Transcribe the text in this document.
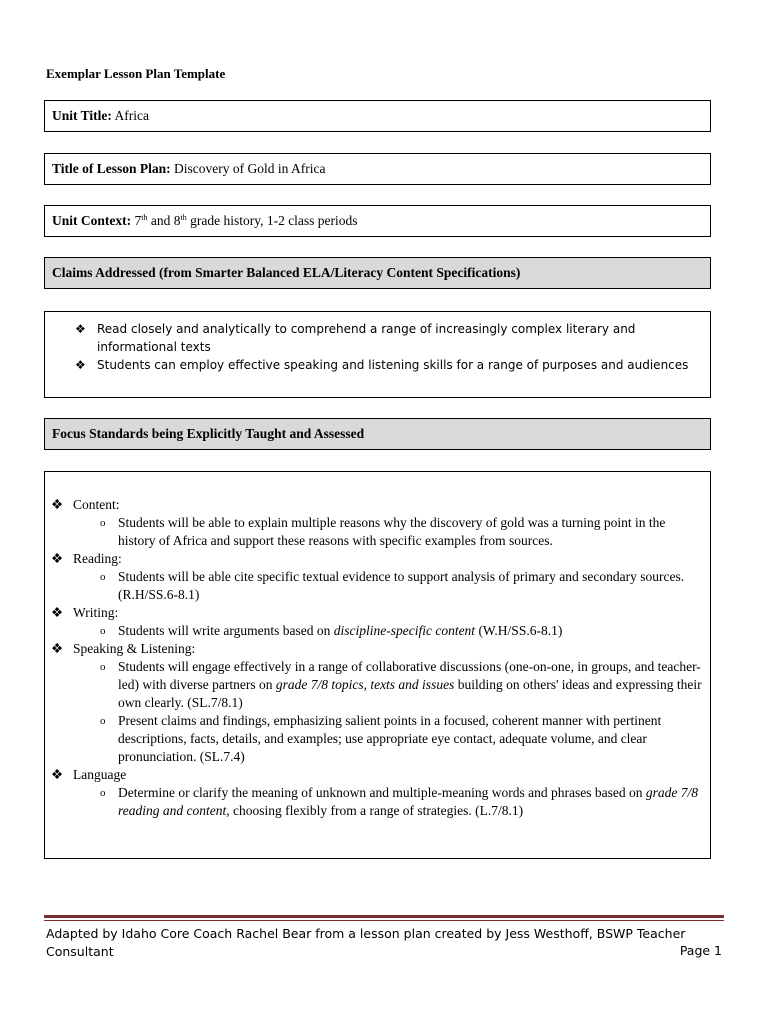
Exemplar Lesson Plan Template
Unit Title: Africa
Title of Lesson Plan: Discovery of Gold in Africa
Unit Context: 7th and 8th grade history, 1-2 class periods
Claims Addressed (from Smarter Balanced ELA/Literacy Content Specifications)
❖ Read closely and analytically to comprehend a range of increasingly complex literary and informational texts
❖ Students can employ effective speaking and listening skills for a range of purposes and audiences
Focus Standards being Explicitly Taught and Assessed
❖ Content:
o Students will be able to explain multiple reasons why the discovery of gold was a turning point in the history of Africa and support these reasons with specific examples from sources.
❖ Reading:
o Students will be able cite specific textual evidence to support analysis of primary and secondary sources. (R.H/SS.6-8.1)
❖ Writing:
o Students will write arguments based on discipline-specific content (W.H/SS.6-8.1)
❖ Speaking & Listening:
o Students will engage effectively in a range of collaborative discussions (one-on-one, in groups, and teacher-led) with diverse partners on grade 7/8 topics, texts and issues building on others' ideas and expressing their own clearly. (SL.7/8.1)
o Present claims and findings, emphasizing salient points in a focused, coherent manner with pertinent descriptions, facts, details, and examples; use appropriate eye contact, adequate volume, and clear pronunciation. (SL.7.4)
❖ Language
o Determine or clarify the meaning of unknown and multiple-meaning words and phrases based on grade 7/8 reading and content, choosing flexibly from a range of strategies. (L.7/8.1)
Adapted by Idaho Core Coach Rachel Bear from a lesson plan created by Jess Westhoff, BSWP Teacher Consultant	Page 1
